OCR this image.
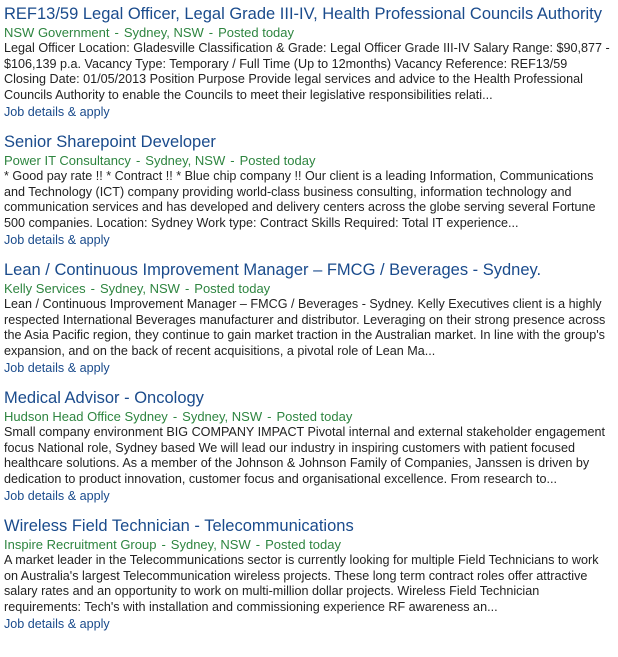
REF13/59 Legal Officer, Legal Grade III-IV, Health Professional Councils Authority
NSW Government - Sydney, NSW - Posted today

Legal Officer Location: Gladesville Classification & Grade: Legal Officer Grade III-IV Salary Range: $90,877 - $106,139 p.a. Vacancy Type: Temporary / Full Time (Up to 12months) Vacancy Reference: REF13/59 Closing Date: 01/05/2013 Position Purpose Provide legal services and advice to the Health Professional Councils Authority to enable the Councils to meet their legislative responsibilities relati...

Job details & apply
Senior Sharepoint Developer
Power IT Consultancy - Sydney, NSW - Posted today

* Good pay rate !! * Contract !! * Blue chip company !! Our client is a leading Information, Communications and Technology (ICT) company providing world-class business consulting, information technology and communication services and has developed and delivery centers across the globe serving several Fortune 500 companies. Location: Sydney Work type: Contract Skills Required: Total IT experience...

Job details & apply
Lean / Continuous Improvement Manager – FMCG / Beverages - Sydney.
Kelly Services - Sydney, NSW - Posted today

Lean / Continuous Improvement Manager – FMCG / Beverages - Sydney. Kelly Executives client is a highly respected International Beverages manufacturer and distributor. Leveraging on their strong presence across the Asia Pacific region, they continue to gain market traction in the Australian market. In line with the group's expansion, and on the back of recent acquisitions, a pivotal role of Lean Ma...

Job details & apply
Medical Advisor - Oncology
Hudson Head Office Sydney - Sydney, NSW - Posted today

Small company environment BIG COMPANY IMPACT Pivotal internal and external stakeholder engagement focus National role, Sydney based We will lead our industry in inspiring customers with patient focused healthcare solutions. As a member of the Johnson & Johnson Family of Companies, Janssen is driven by dedication to product innovation, customer focus and organisational excellence. From research to...

Job details & apply
Wireless Field Technician - Telecommunications
Inspire Recruitment Group - Sydney, NSW - Posted today

A market leader in the Telecommunications sector is currently looking for multiple Field Technicians to work on Australia's largest Telecommunication wireless projects. These long term contract roles offer attractive salary rates and an opportunity to work on multi-million dollar projects. Wireless Field Technician requirements: Tech's with installation and commissioning experience RF awareness an...

Job details & apply
